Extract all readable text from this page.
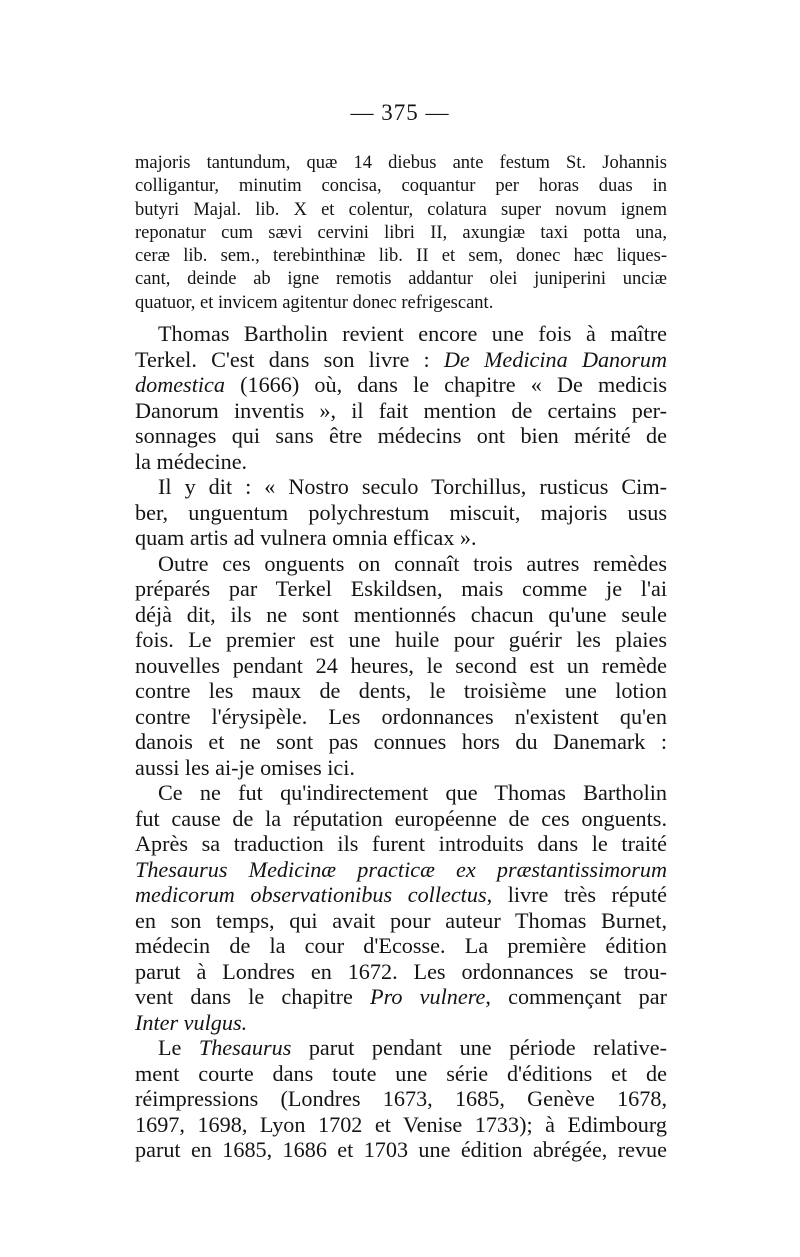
— 375 —
majoris tantundum, quæ 14 diebus ante festum St. Johannis
colligantur, minutim concisa, coquantur per horas duas in
butyri Majal. lib. X et colentur, colatura super novum ignem
reponatur cum sævi cervini libri II, axungiæ taxi potta una,
ceræ lib. sem., terebinthinæ lib. II et sem, donec hæc liques-
cant, deinde ab igne remotis addantur olei juniperini unciæ
quatuor, et invicem agitentur donec refrigescant.
Thomas Bartholin revient encore une fois à maître
Terkel. C'est dans son livre : De Medicina Danorum
domestica (1666) où, dans le chapitre « De medicis
Danorum inventis », il fait mention de certains per-
sonnages qui sans être médecins ont bien mérité de
la médecine.
Il y dit : « Nostro seculo Torchillus, rusticus Cim-
ber, unguentum polychrestum miscuit, majoris usus
quam artis ad vulnera omnia efficax ».
Outre ces onguents on connaît trois autres remèdes
préparés par Terkel Eskildsen, mais comme je l'ai
déjà dit, ils ne sont mentionnés chacun qu'une seule
fois. Le premier est une huile pour guérir les plaies
nouvelles pendant 24 heures, le second est un remède
contre les maux de dents, le troisième une lotion
contre l'érysipèle. Les ordonnances n'existent qu'en
danois et ne sont pas connues hors du Danemark :
aussi les ai-je omises ici.
Ce ne fut qu'indirectement que Thomas Bartholin
fut cause de la réputation européenne de ces onguents.
Après sa traduction ils furent introduits dans le traité
Thesaurus Medicinæ practicæ ex præstantissimorum
medicorum observationibus collectus, livre très réputé
en son temps, qui avait pour auteur Thomas Burnet,
médecin de la cour d'Ecosse. La première édition
parut à Londres en 1672. Les ordonnances se trou-
vent dans le chapitre Pro vulnere, commençant par
Inter vulgus.
Le Thesaurus parut pendant une période relative-
ment courte dans toute une série d'éditions et de
réimpressions (Londres 1673, 1685, Genève 1678,
1697, 1698, Lyon 1702 et Venise 1733); à Edimbourg
parut en 1685, 1686 et 1703 une édition abrégée, revue
